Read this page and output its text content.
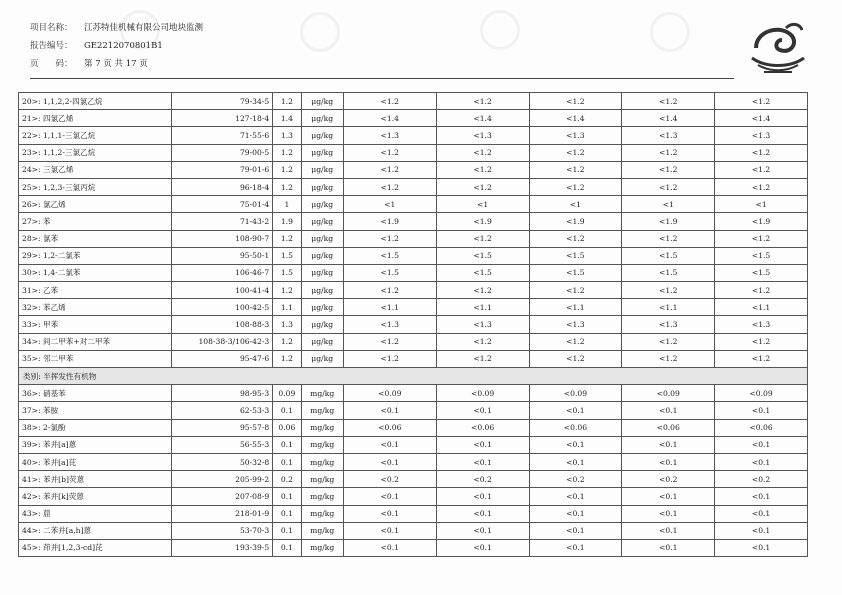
项目名称： 江苏特佳机械有限公司地块监测
报告编号： GE2212070801B1
页　　码： 第 7 页 共 17 页
20>: 1,1,2,2-四氯乙烷	79-34-5	1.2	μg/kg	<1.2	<1.2	<1.2	<1.2	<1.2
21>: 四氯乙烯	127-18-4	1.4	μg/kg	<1.4	<1.4	<1.4	<1.4	<1.4
22>: 1,1,1-三氯乙烷	71-55-6	1.3	μg/kg	<1.3	<1.3	<1.3	<1.3	<1.3
23>: 1,1,2-三氯乙烷	79-00-5	1.2	μg/kg	<1.2	<1.2	<1.2	<1.2	<1.2
24>: 三氯乙烯	79-01-6	1.2	μg/kg	<1.2	<1.2	<1.2	<1.2	<1.2
25>: 1,2,3-三氯丙烷	96-18-4	1.2	μg/kg	<1.2	<1.2	<1.2	<1.2	<1.2
26>: 氯乙烯	75-01-4	1	μg/kg	<1	<1	<1	<1	<1
27>: 苯	71-43-2	1.9	μg/kg	<1.9	<1.9	<1.9	<1.9	<1.9
28>: 氯苯	108-90-7	1.2	μg/kg	<1.2	<1.2	<1.2	<1.2	<1.2
29>: 1,2-二氯苯	95-50-1	1.5	μg/kg	<1.5	<1.5	<1.5	<1.5	<1.5
30>: 1,4-二氯苯	106-46-7	1.5	μg/kg	<1.5	<1.5	<1.5	<1.5	<1.5
31>: 乙苯	100-41-4	1.2	μg/kg	<1.2	<1.2	<1.2	<1.2	<1.2
32>: 苯乙烯	100-42-5	1.1	μg/kg	<1.1	<1.1	<1.1	<1.1	<1.1
33>: 甲苯	108-88-3	1.3	μg/kg	<1.3	<1.3	<1.3	<1.3	<1.3
34>: 间二甲苯+对二甲苯	108-38-3/106-42-3	1.2	μg/kg	<1.2	<1.2	<1.2	<1.2	<1.2
35>: 邻二甲苯	95-47-6	1.2	μg/kg	<1.2	<1.2	<1.2	<1.2	<1.2
类别: 半挥发性有机物								
36>: 硝基苯	98-95-3	0.09	mg/kg	<0.09	<0.09	<0.09	<0.09	<0.09
37>: 苯胺	62-53-3	0.1	mg/kg	<0.1	<0.1	<0.1	<0.1	<0.1
38>: 2-氯酚	95-57-8	0.06	mg/kg	<0.06	<0.06	<0.06	<0.06	<0.06
39>: 苯并[a]蒽	56-55-3	0.1	mg/kg	<0.1	<0.1	<0.1	<0.1	<0.1
40>: 苯并[a]芘	50-32-8	0.1	mg/kg	<0.1	<0.1	<0.1	<0.1	<0.1
41>: 苯并[b]荧蒽	205-99-2	0.2	mg/kg	<0.2	<0.2	<0.2	<0.2	<0.2
42>: 苯并[k]荧蒽	207-08-9	0.1	mg/kg	<0.1	<0.1	<0.1	<0.1	<0.1
43>: 䓛	218-01-9	0.1	mg/kg	<0.1	<0.1	<0.1	<0.1	<0.1
44>: 二苯并[a,h]蒽	53-70-3	0.1	mg/kg	<0.1	<0.1	<0.1	<0.1	<0.1
45>: 茚并[1,2,3-cd]芘	193-39-5	0.1	mg/kg	<0.1	<0.1	<0.1	<0.1	<0.1
